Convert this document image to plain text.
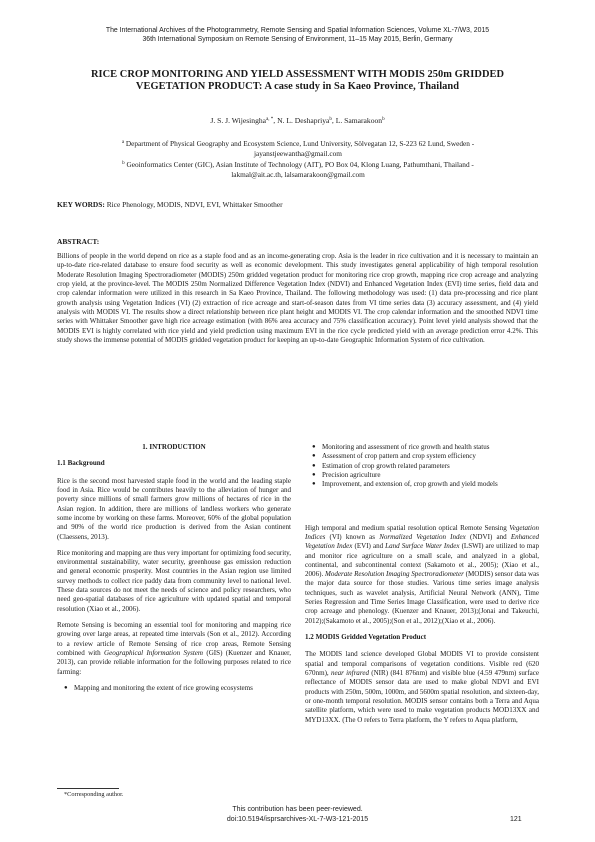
The International Archives of the Photogrammetry, Remote Sensing and Spatial Information Sciences, Volume XL-7/W3, 2015
36th International Symposium on Remote Sensing of Environment, 11–15 May 2015, Berlin, Germany
RICE CROP MONITORING AND YIELD ASSESSMENT WITH MODIS 250m GRIDDED
VEGETATION PRODUCT: A case study in Sa Kaeo Province, Thailand
J. S. J. Wijesingha$^{a, *}$, N. L. Deshapriya$^b$, L. Samarakoon$^b$
$^a$ Department of Physical Geography and Ecosystem Science, Lund University, Sölvegatan 12, S-223 62 Lund, Sweden -
jayanstjeewantha@gmail.com
$^b$ Geoinformatics Center (GIC), Asian Institute of Technology (AIT), PO Box 04, Klong Luang, Pathumthani, Thailand -
lakmal@ait.ac.th, lalsamarakoon@gmail.com
KEY WORDS: Rice Phenology, MODIS, NDVI, EVI, Whittaker Smoother
ABSTRACT:
Billions of people in the world depend on rice as a staple food and as an income-generating crop. Asia is the leader in rice cultivation and it is necessary to maintain an up-to-date rice-related database to ensure food security as well as economic development. This study investigates general applicability of high temporal resolution Moderate Resolution Imaging Spectroradiometer (MODIS) 250m gridded vegetation product for monitoring rice crop growth, mapping rice crop acreage and analyzing crop yield, at the province-level. The MODIS 250m Normalized Difference Vegetation Index (NDVI) and Enhanced Vegetation Index (EVI) time series, field data and crop calendar information were utilized in this research in Sa Kaeo Province, Thailand. The following methodology was used: (1) data pre-processing and rice plant growth analysis using Vegetation Indices (VI) (2) extraction of rice acreage and start-of-season dates from VI time series data (3) accuracy assessment, and (4) yield analysis with MODIS VI. The results show a direct relationship between rice plant height and MODIS VI. The crop calendar information and the smoothed NDVI time series with Whittaker Smoother gave high rice acreage estimation (with 86% area accuracy and 75% classification accuracy). Point level yield analysis showed that the MODIS EVI is highly correlated with rice yield and yield prediction using maximum EVI in the rice cycle predicted yield with an average prediction error 4.2%. This study shows the immense potential of MODIS gridded vegetation product for keeping an up-to-date Geographic Information System of rice cultivation.

1. INTRODUCTION

1.1 Background

Rice is the second most harvested staple food in the world and the leading staple food in Asia. Rice would be contributes heavily to the alleviation of hunger and poverty since millions of small farmers grow millions of hectares of rice in the Asian region. In addition, there are millions of landless workers who generate some income by working on these farms. Moreover, 60% of the global population and 90% of the world rice production is derived from the Asian continent (Claessens, 2013).

Rice monitoring and mapping are thus very important for optimizing food security, environmental sustainability, water security, greenhouse gas emission reduction and general economic prosperity. Most countries in the Asian region use limited survey methods to collect rice paddy data from community level to national level. These data sources do not meet the needs of science and policy researchers, who need geo-spatial databases of rice agriculture with updated spatial and temporal resolution (Xiao et al., 2006).

Remote Sensing is becoming an essential tool for monitoring and mapping rice growing over large areas, at repeated time intervals (Son et al., 2012). According to a review article of Remote Sensing of rice crop areas, Remote Sensing combined with Geographical Information System (GIS) (Kuenzer and Knauer, 2013), can provide reliable information for the following purposes related to rice farming:

● Mapping and monitoring the extent of rice growing ecosystems
*Corresponding author.
● Monitoring and assessment of rice growth and health status
● Assessment of crop pattern and crop system efficiency
● Estimation of crop growth related parameters
● Precision agriculture
● Improvement, and extension of, crop growth and yield models

High temporal and medium spatial resolution optical Remote Sensing Vegetation Indices (VI) known as Normalized Vegetation Index (NDVI) and Enhanced Vegetation Index (EVI) and Land Surface Water Index (LSWI) are utilized to map and monitor rice agriculture on a small scale, and analyzed in a global, continental, and subcontinental context (Sakamoto et al., 2005); (Xiao et al., 2006). Moderate Resolution Imaging Spectroradiometer (MODIS) sensor data was the major data source for those studies. Various time series image analysis techniques, such as wavelet analysis, Artificial Neural Network (ANN), Time Series Regression and Time Series Image Classification, were used to derive rice crop acreage and phenology. (Kuenzer and Knauer, 2013);(Jonai and Takeuchi, 2012);(Sakamoto et al., 2005);(Son et al., 2012);(Xiao et al., 2006).

1.2 MODIS Gridded Vegetation Product

The MODIS land science developed Global MODIS VI to provide consistent spatial and temporal comparisons of vegetation conditions. Visible red (620 670nm), near infrared (NIR) (841 876nm) and visible blue (4.59 479nm) surface reflectance of MODIS sensor data are used to make global NDVI and EVI products with 250m, 500m, 1000m, and 5600m spatial resolution, and sixteen-day, or one-month temporal resolution. MODIS sensor contains both a Terra and Aqua satellite platform, which were used to make vegetation products MOD13XX and MYD13XX. (The O refers to Terra platform, the Y refers to Aqua platform,

This contribution has been peer-reviewed.
doi:10.5194/isprsarchives-XL-7-W3-121-2015	121
